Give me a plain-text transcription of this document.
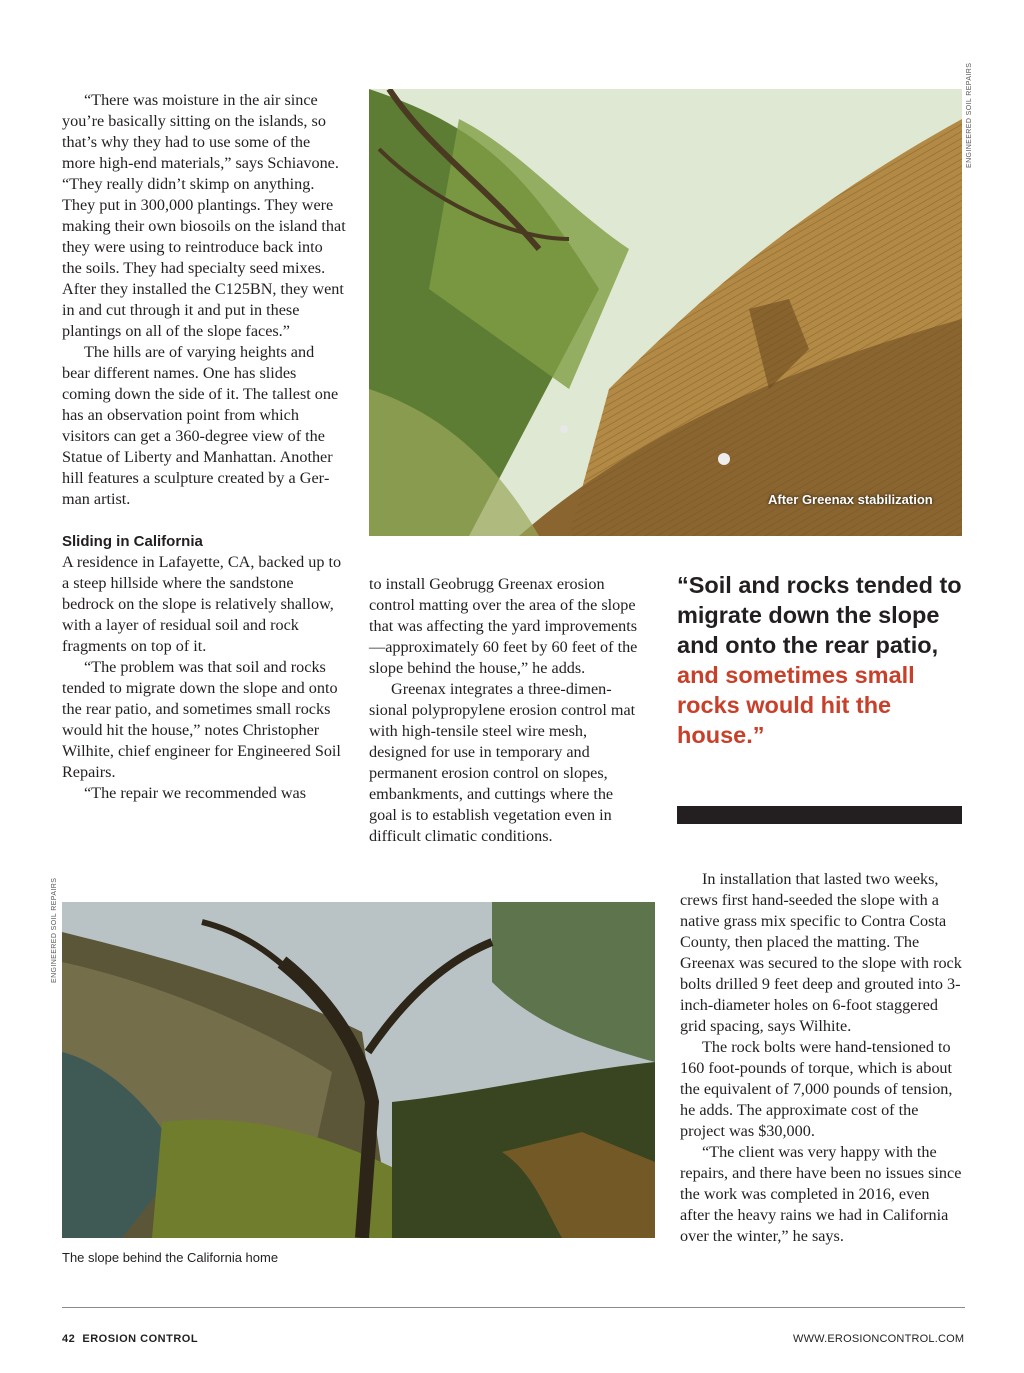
“There was moisture in the air since you’re basically sitting on the islands, so that’s why they had to use some of the more high-end materials,” says Schiavone. “They really didn’t skimp on anything. They put in 300,000 plantings. They were making their own biosoils on the island that they were using to reintroduce back into the soils. They had specialty seed mixes. After they installed the C125BN, they went in and cut through it and put in these plantings on all of the slope faces.”

The hills are of varying heights and bear different names. One has slides coming down the side of it. The tallest one has an observation point from which visitors can get a 360-degree view of the Statue of Liberty and Manhattan. Another hill features a sculpture created by a German artist.

Sliding in California

A residence in Lafayette, CA, backed up to a steep hillside where the sandstone bedrock on the slope is relatively shallow, with a layer of residual soil and rock fragments on top of it.

“The problem was that soil and rocks tended to migrate down the slope and onto the rear patio, and sometimes small rocks would hit the house,” notes Christopher Wilhite, chief engineer for Engineered Soil Repairs.

“The repair we recommended was

ENGINEERED SOIL REPAIRS
After Greenax stabilization

to install Geobrugg Greenax erosion control matting over the area of the slope that was affecting the yard improvements—approximately 60 feet by 60 feet of the slope behind the house,” he adds.

Greenax integrates a three-dimensional polypropylene erosion control mat with high-tensile steel wire mesh, designed for use in temporary and permanent erosion control on slopes, embankments, and cuttings where the goal is to establish vegetation even in difficult climatic conditions.

“Soil and rocks tended to migrate down the slope and onto the rear patio, and sometimes small rocks would hit the house.”
ENGINEERED SOIL REPAIRS
The slope behind the California home

In installation that lasted two weeks, crews first hand-seeded the slope with a native grass mix specific to Contra Costa County, then placed the matting. The Greenax was secured to the slope with rock bolts drilled 9 feet deep and grouted into 3-inch-diameter holes on 6-foot staggered grid spacing, says Wilhite.

The rock bolts were hand-tensioned to 160 foot-pounds of torque, which is about the equivalent of 7,000 pounds of tension, he adds. The approximate cost of the project was $30,000.

“The client was very happy with the repairs, and there have been no issues since the work was completed in 2016, even after the heavy rains we had in California over the winter,” he says.

42 EROSION CONTROL	WWW.EROSIONCONTROL.COM
